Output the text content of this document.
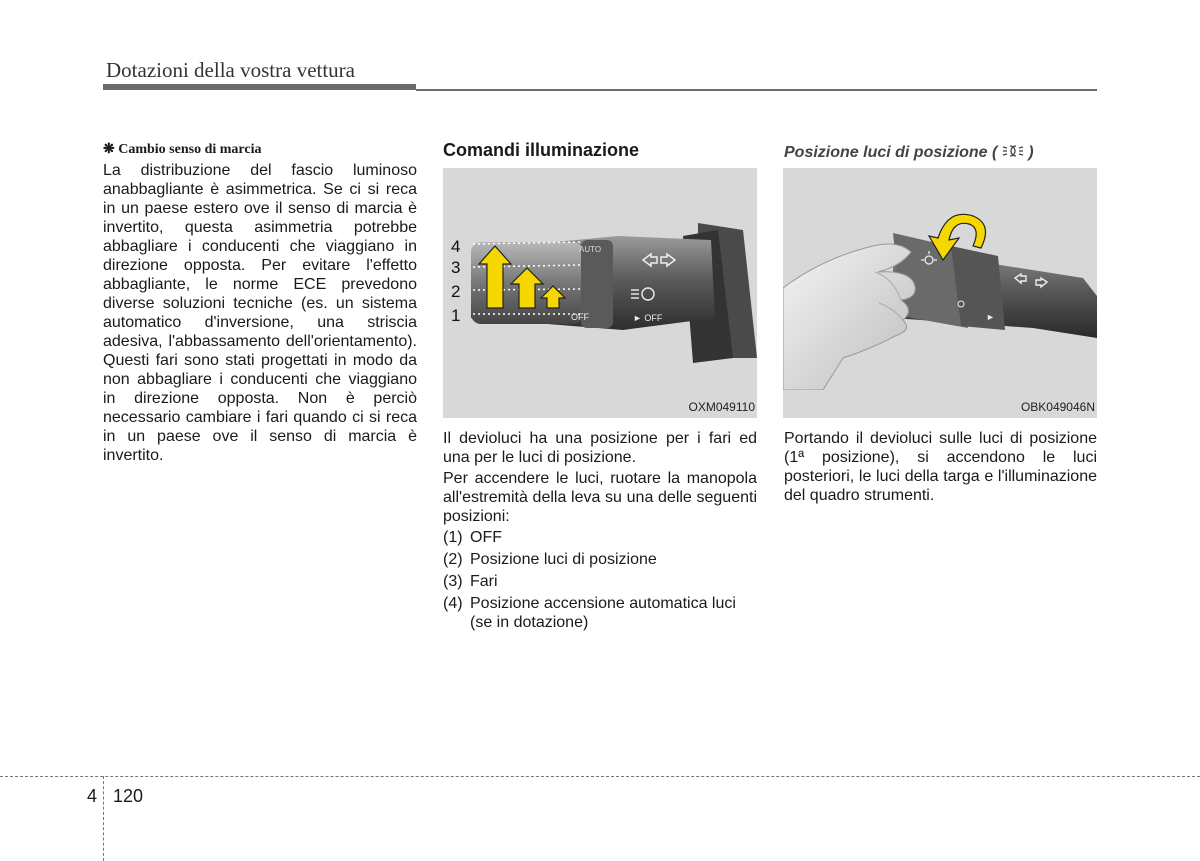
Dotazioni della vostra vettura
❋ Cambio senso di marcia

La distribuzione del fascio luminoso anabbagliante è asimmetrica. Se ci si reca in un paese estero ove il senso di marcia è invertito, questa asimmetria potrebbe abbagliare i conducenti che viaggiano in direzione opposta. Per evitare l'effetto abbagliante, le norme ECE prevedono diverse soluzioni tecniche (es. un sistema automatico d'inversione, una striscia adesiva, l'abbassamento dell'orientamento). Questi fari sono stati progettati in modo da non abbagliare i conducenti che viaggiano in direzione opposta. Non è perciò necessario cambiare i fari quando ci si reca in un paese ove il senso di marcia è invertito.

Comandi illuminazione
4
3
2
1
AUTO
OFF	► OFF
OXM049110

Il devioluci ha una posizione per i fari ed una per le luci di posizione.

Per accendere le luci, ruotare la manopola all'estremità della leva su una delle seguenti posizioni:

(1) OFF
(2) Posizione luci di posizione
(3) Fari
(4) Posizione accensione automatica luci (se in dotazione)

Posizione luci di posizione ( )

►
OBK049046N

Portando il devioluci sulle luci di posizione (1ª posizione), si accendono le luci posteriori, le luci della targa e l'illuminazione del quadro strumenti.

4 120
